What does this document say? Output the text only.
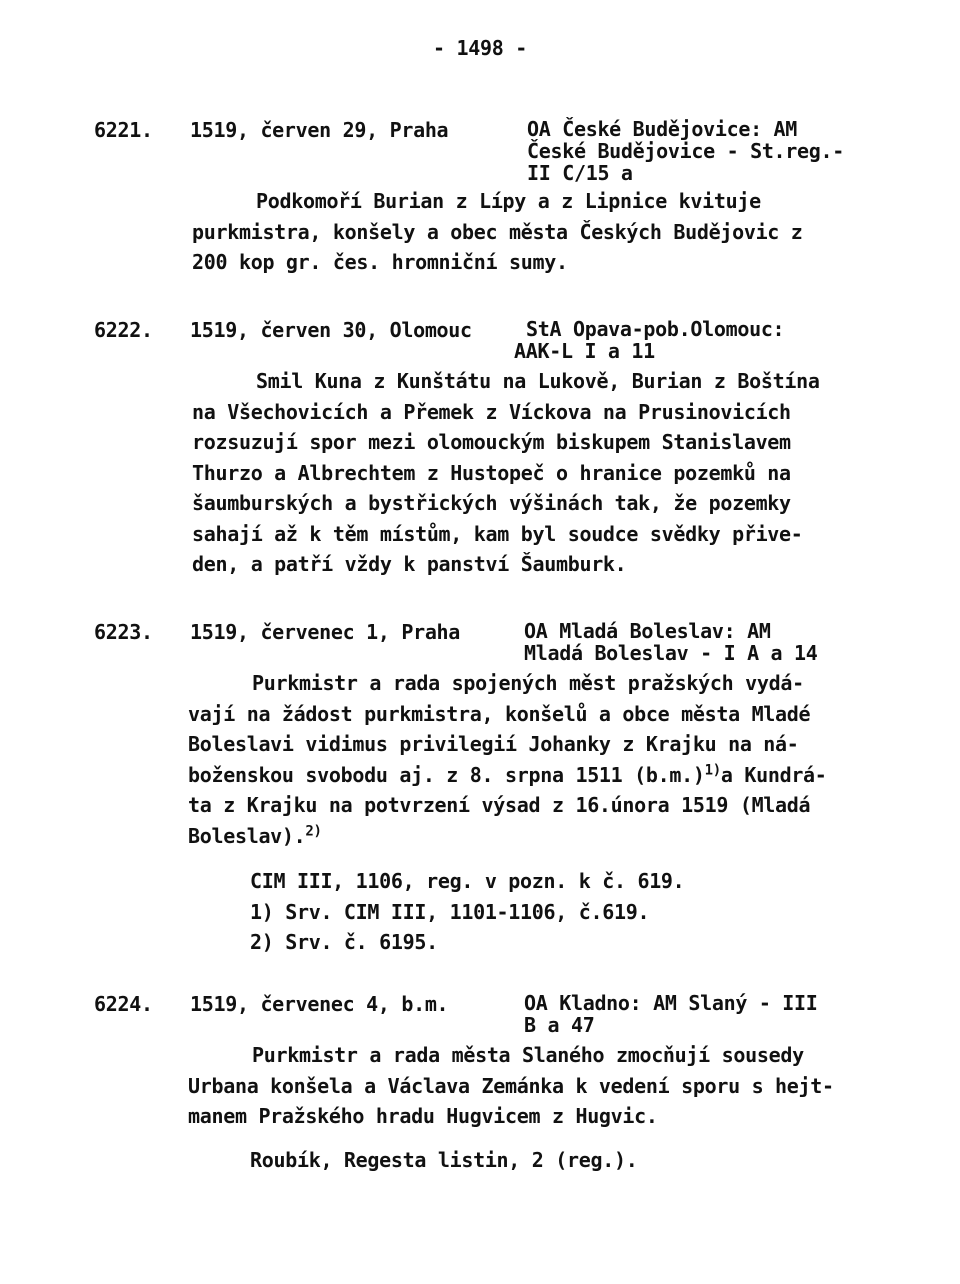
- 1498 -
6221. 1519, červen 29, Praha	OA České Budějovice: AM
České Budějovice - St.reg.-
II C/15 a
Podkomoří Burian z Lípy a z Lipnice kvituje
purkmistra, konšely a obec města Českých Budějovic z
200 kop gr. čes. hromniční sumy.
6222. 1519, červen 30, Olomouc	StA Opava-pob.Olomouc:
AAK-L I a 11
Smil Kuna z Kunštátu na Lukově, Burian z Boštína
na Všechovicích a Přemek z Víckova na Prusinovicích
rozsuzují spor mezi olomouckým biskupem Stanislavem
Thurzo a Albrechtem z Hustopeč o hranice pozemků na
šaumburských a bystřických výšinách tak, že pozemky
sahají až k těm místům, kam byl soudce svědky přive-
den, a patří vždy k panství Šaumburk.
6223. 1519, červenec 1, Praha	OA Mladá Boleslav: AM
Mladá Boleslav - I A a 14
Purkmistr a rada spojených měst pražských vydá-
vají na žádost purkmistra, konšelů a obce města Mladé
Boleslavi vidimus privilegií Johanky z Krajku na ná-
boženskou svobodu aj. z 8. srpna 1511 $(b.m.)^{1)}a$ Kundrá-
ta z Krajku na potvrzení výsad z 16.února 1519 (Mladá
Boleslav).$^{2)}$
CIM III, 1106, reg. v pozn. k č. 619.
1) Srv. CIM III, 1101-1106, č.619.
2) Srv. č. 6195.
6224. 1519, červenec 4, b.m.	OA Kladno: AM Slaný - III
B a 47
Purkmistr a rada města Slaného zmocňují sousedy
Urbana konšela a Václava Zemánka k vedení sporu s hejt-
manem Pražského hradu Hugvicem z Hugvic.
Roubík, Regesta listin, 2 (reg.).
